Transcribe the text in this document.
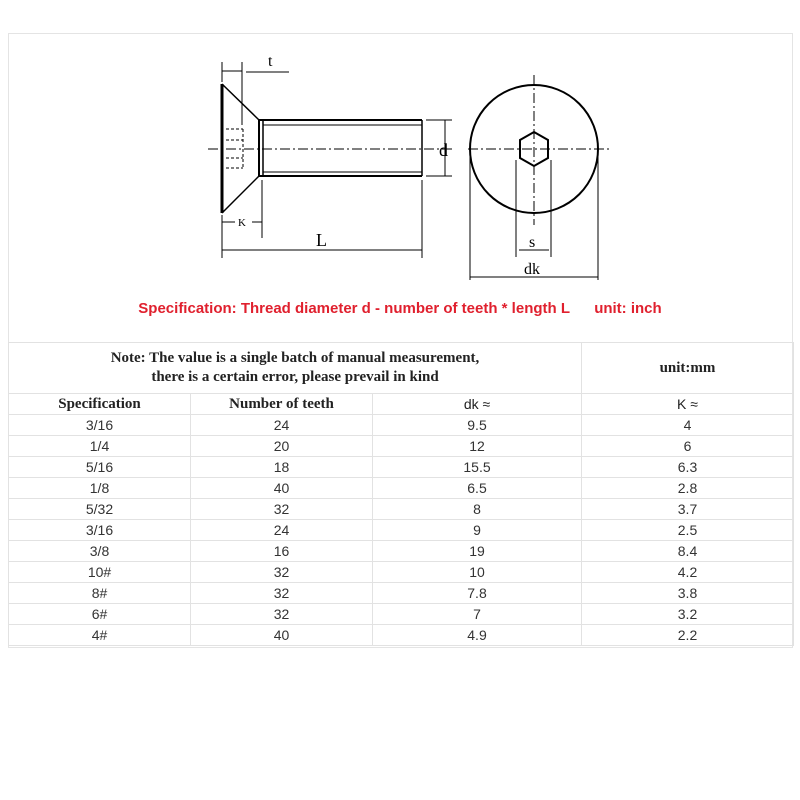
t
d
K
L	s
dk
Specification: Thread diameter d - number of teeth * length L unit: inch
Note: The value is a single batch of manual measurement,
there is a certain error, please prevail in kind			unit:mm
Specification	Number of teeth	dk ≈	K ≈
3/16	24	9.5	4
1/4	20	12	6
5/16	18	15.5	6.3
1/8	40	6.5	2.8
5/32	32	8	3.7
3/16	24	9	2.5
3/8	16	19	8.4
10#	32	10	4.2
8#	32	7.8	3.8
6#	32	7	3.2
4#	40	4.9	2.2
